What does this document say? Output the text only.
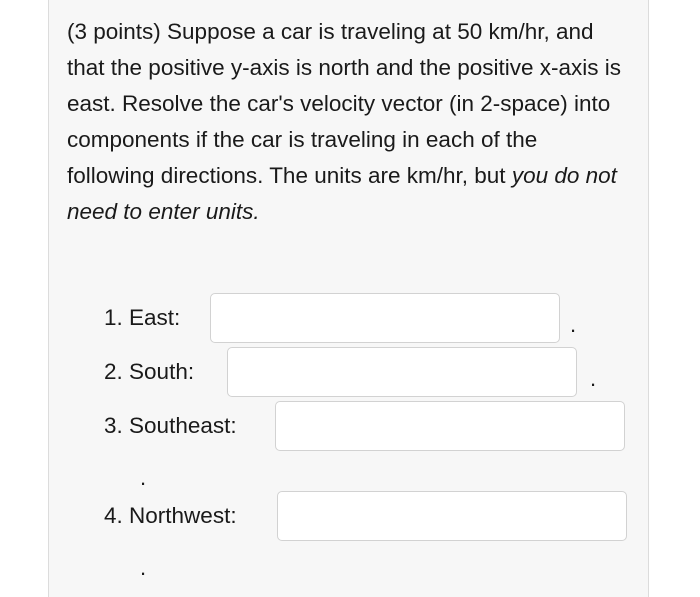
(3 points) Suppose a car is traveling at 50 km/hr, and that the positive y-axis is north and the positive x-axis is east. Resolve the car's velocity vector (in 2-space) into components if the car is traveling in each of the following directions. The units are km/hr, but you do not need to enter units.

1. East:	.
2. South:	.
3. Southeast:
.
4. Northwest:
.
